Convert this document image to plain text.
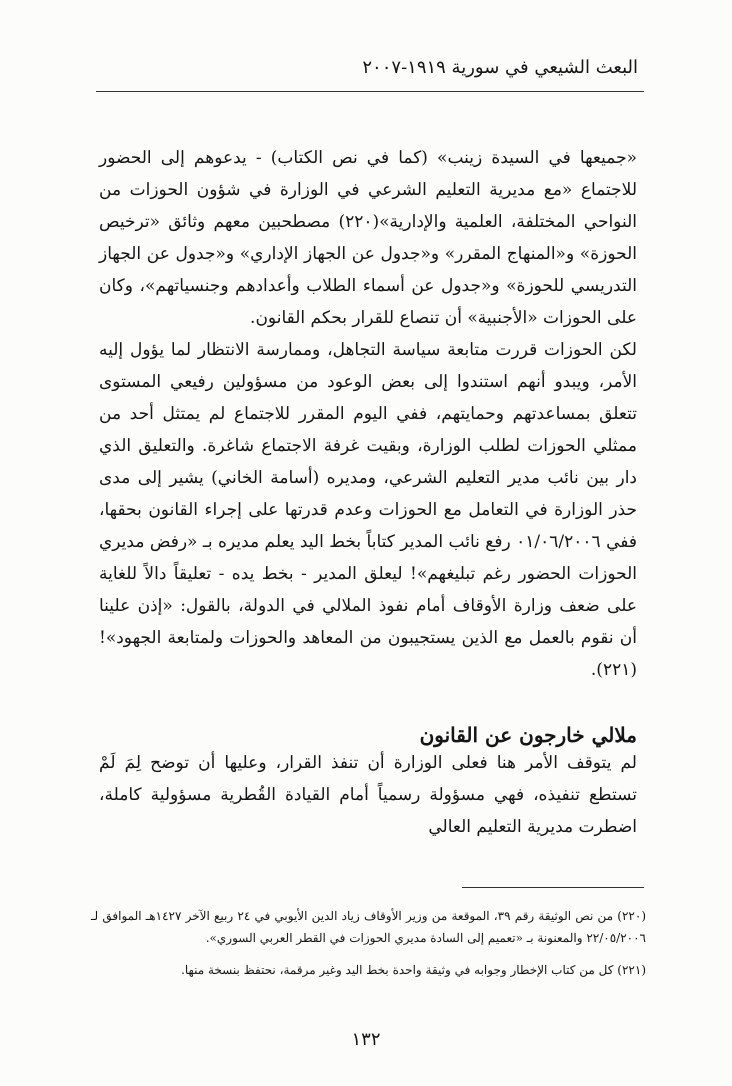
البعث الشيعي في سورية ١٩١٩-٢٠٠٧

«جميعها في السيدة زينب» (كما في نص الكتاب) - يدعوهم إلى الحضور للاجتماع «مع مديرية التعليم الشرعي في الوزارة في شؤون الحوزات من النواحي المختلفة، العلمية والإدارية»(٢٢٠) مصطحبين معهم وثائق «ترخيص الحوزة» و«المنهاج المقرر» و«جدول عن الجهاز الإداري» و«جدول عن الجهاز التدريسي للحوزة» و«جدول عن أسماء الطلاب وأعدادهم وجنسياتهم»، وكان على الحوزات «الأجنبية» أن تنصاع للقرار بحكم القانون.

لكن الحوزات قررت متابعة سياسة التجاهل، وممارسة الانتظار لما يؤول إليه الأمر، ويبدو أنهم استندوا إلى بعض الوعود من مسؤولين رفيعي المستوى تتعلق بمساعدتهم وحمايتهم، ففي اليوم المقرر للاجتماع لم يمتثل أحد من ممثلي الحوزات لطلب الوزارة، وبقيت غرفة الاجتماع شاغرة. والتعليق الذي دار بين نائب مدير التعليم الشرعي، ومديره (أسامة الخاني) يشير إلى مدى حذر الوزارة في التعامل مع الحوزات وعدم قدرتها على إجراء القانون بحقها، ففي ٠١/٠٦/٢٠٠٦ رفع نائب المدير كتاباً بخط اليد يعلم مديره بـ «رفض مديري الحوزات الحضور رغم تبليغهم»! ليعلق المدير - بخط يده - تعليقاً دالاً للغاية على ضعف وزارة الأوقاف أمام نفوذ الملالي في الدولة، بالقول: «إذن علينا أن نقوم بالعمل مع الذين يستجيبون من المعاهد والحوزات ولمتابعة الجهود»!(٢٢١).

ملالي خارجون عن القانون

لم يتوقف الأمر هنا فعلى الوزارة أن تنفذ القرار، وعليها أن توضح لِمَ لَمْ تستطع تنفيذه، فهي مسؤولة رسمياً أمام القيادة القُطرية مسؤولية كاملة، اضطرت مديرية التعليم العالي

(٢٢٠) من نص الوثيقة رقم ٣٩، الموقعة من وزير الأوقاف زياد الدين الأيوبي في ٢٤ ربيع الآخر ١٤٢٧هـ الموافق لـ ٢٢/٠٥/٢٠٠٦ والمعنونة بـ «تعميم إلى السادة مديري الحوزات في القطر العربي السوري».

(٢٢١) كل من كتاب الإخطار وجوابه في وثيقة واحدة بخط اليد وغير مرقمة، نحتفظ بنسخة منها.

١٣٢
